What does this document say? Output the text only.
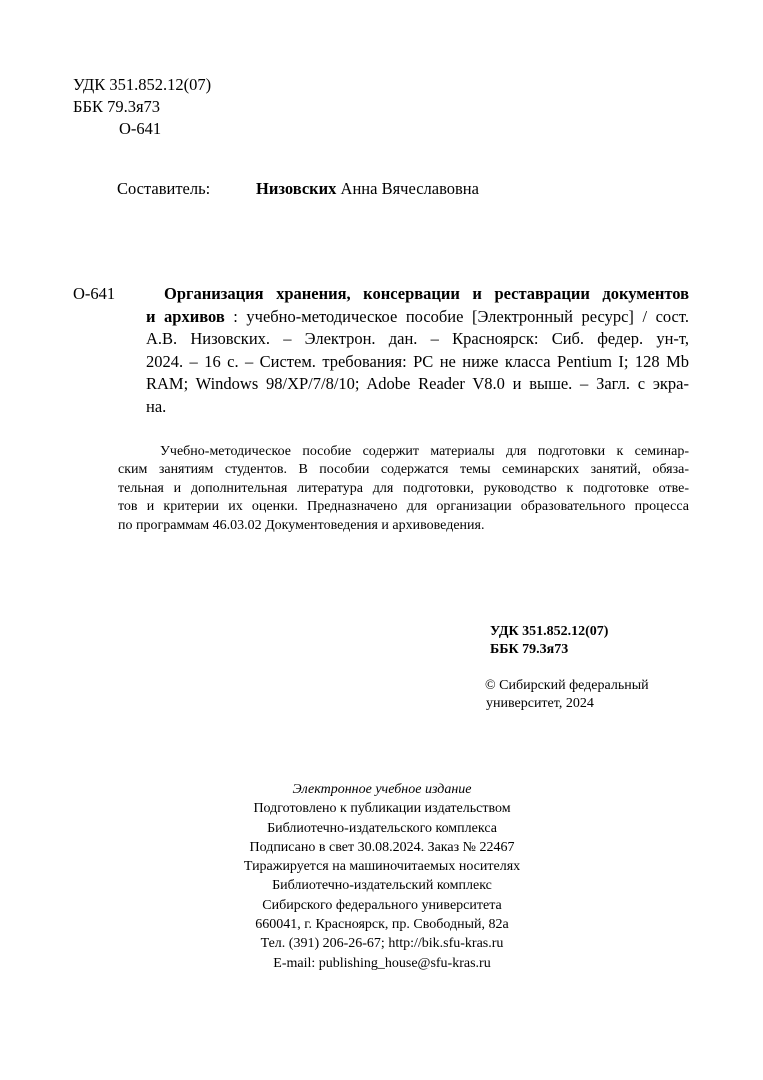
УДК 351.852.12(07)
ББК 79.3я73
О-641
Составитель:	Низовских Анна Вячеславовна
О-641	Организация хранения, консервации и реставрации документов
и архивов : учебно-методическое пособие [Электронный ресурс] / сост.
А.В. Низовских. – Электрон. дан. – Красноярск: Сиб. федер. ун-т,
2024. – 16 с. – Систем. требования: PC не ниже класса Pentium I; 128 Mb
RAM; Windows 98/XP/7/8/10; Adobe Reader V8.0 и выше. – Загл. с экра-
на.
Учебно-методическое пособие содержит материалы для подготовки к семинар-
ским занятиям студентов. В пособии содержатся темы семинарских занятий, обяза-
тельная и дополнительная литература для подготовки, руководство к подготовке отве-
тов и критерии их оценки. Предназначено для организации образовательного процесса
по программам 46.03.02 Документоведения и архивоведения.
УДК 351.852.12(07)
ББК 79.3я73
© Сибирский федеральный
университет, 2024
Электронное учебное издание
Подготовлено к публикации издательством
Библиотечно-издательского комплекса
Подписано в свет 30.08.2024. Заказ № 22467
Тиражируется на машиночитаемых носителях
Библиотечно-издательский комплекс
Сибирского федерального университета
660041, г. Красноярск, пр. Свободный, 82а
Тел. (391) 206-26-67; http://bik.sfu-kras.ru
E-mail: publishing_house@sfu-kras.ru
